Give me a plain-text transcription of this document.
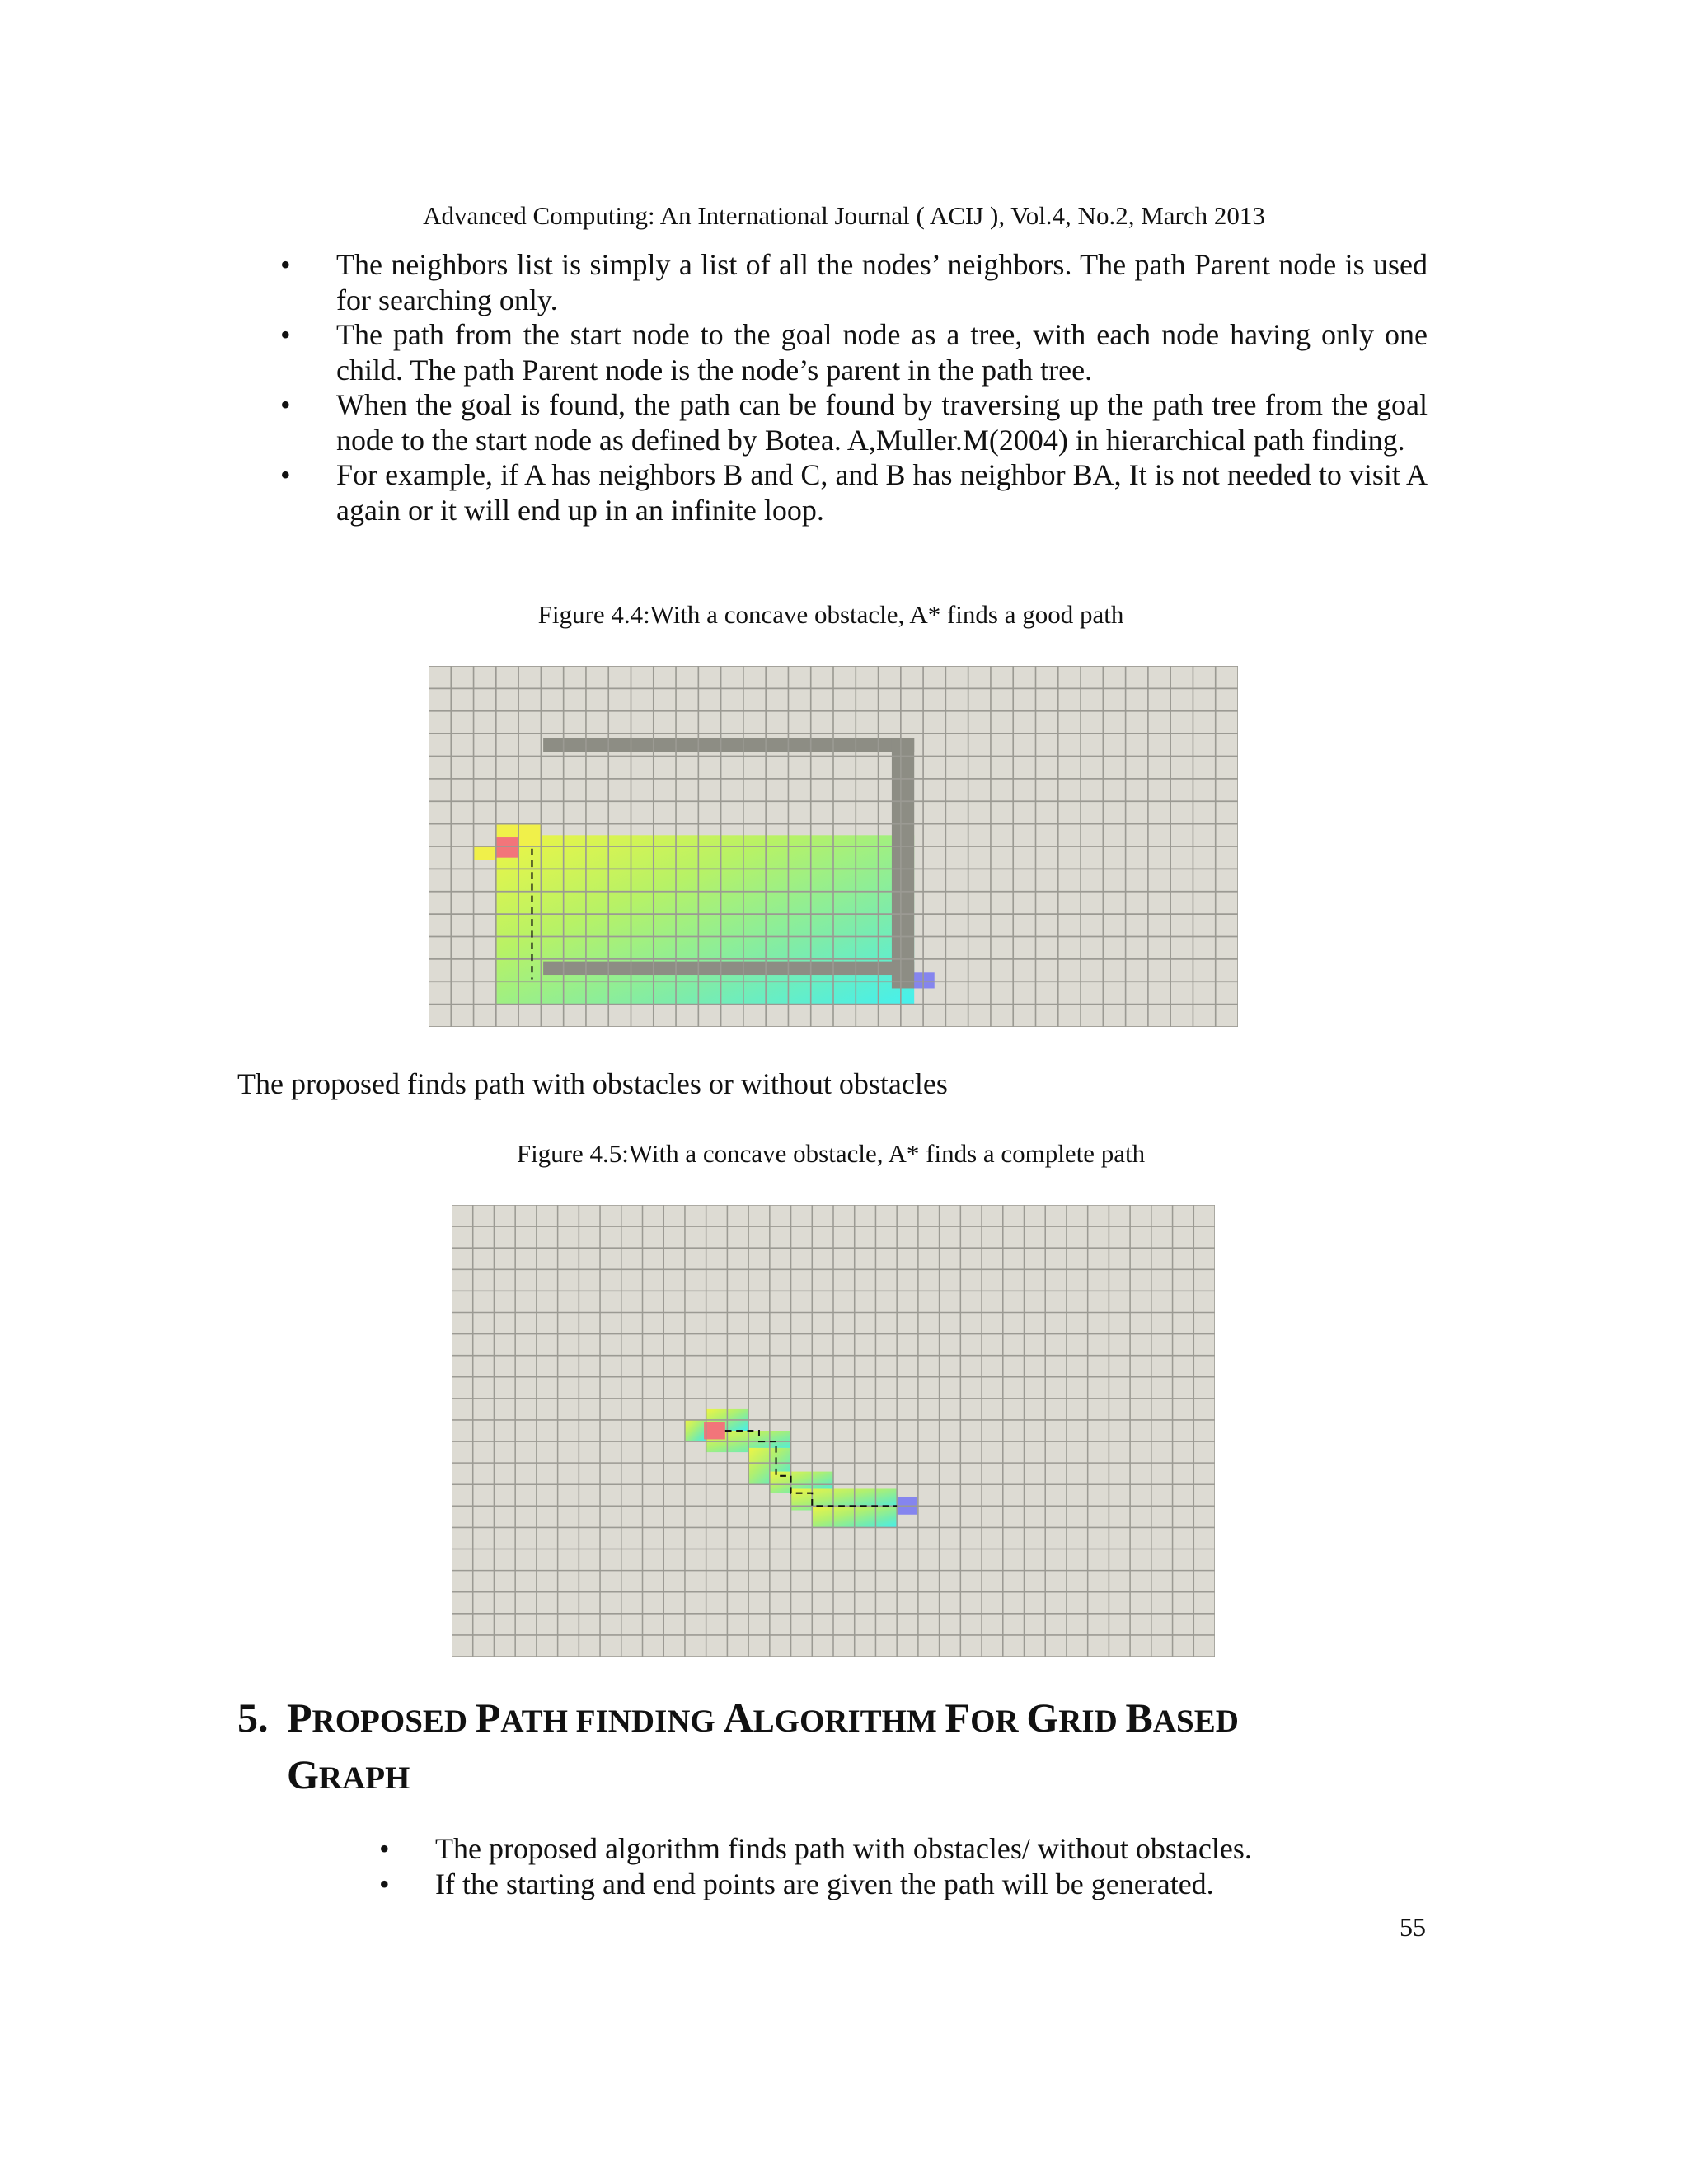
Advanced Computing: An International Journal ( ACIJ ), Vol.4, No.2, March 2013
• The neighbors list is simply a list of all the nodes’ neighbors. The path Parent node is used for searching only.
• The path from the start node to the goal node as a tree, with each node having only one child. The path Parent node is the node’s parent in the path tree.
• When the goal is found, the path can be found by traversing up the path tree from the goal node to the start node as defined by Botea. A,Muller.M(2004) in hierarchical path finding.
• For example, if A has neighbors B and C, and B has neighbor BA, It is not needed to visit A again or it will end up in an infinite loop.
Figure 4.4:With a concave obstacle, A* finds a good path
The proposed finds path with obstacles or without obstacles
Figure 4.5:With a concave obstacle, A* finds a complete path
5. PROPOSED PATH FINDING ALGORITHM FOR GRID BASED
GRAPH
• The proposed algorithm finds path with obstacles/ without obstacles.
• If the starting and end points are given the path will be generated.
55
